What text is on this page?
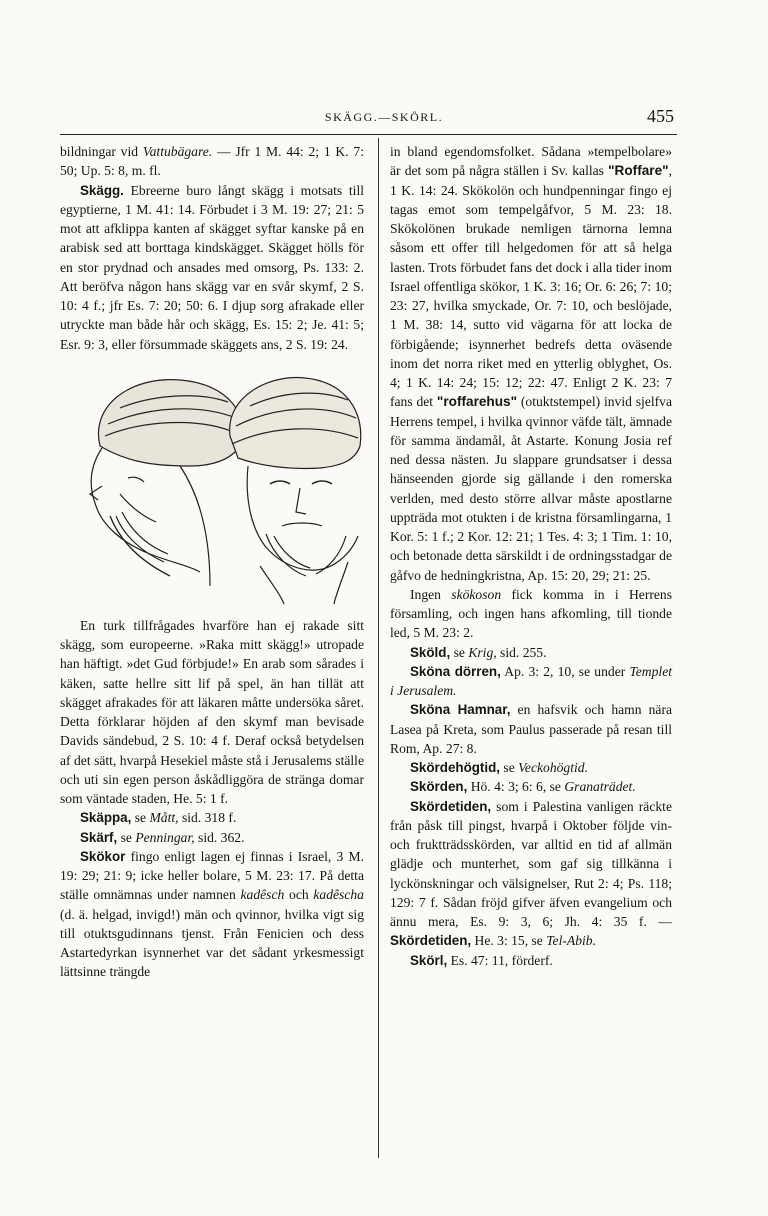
SKÄGG.—SKÖRL.	455

bildningar vid Vattubägare. — Jfr 1 M. 44: 2; 1 K. 7: 50; Up. 5: 8, m. fl.

Skägg. Ebreerne buro långt skägg i motsats till egyptierne, 1 M. 41: 14. Förbudet i 3 M. 19: 27; 21: 5 mot att afklippa kanten af skägget syftar kanske på en arabisk sed att borttaga kindskägget. Skägget hölls för en stor prydnad och ansades med omsorg, Ps. 133: 2. Att beröfva någon hans skägg var en svår skymf, 2 S. 10: 4 f.; jfr Es. 7: 20; 50: 6. I djup sorg afrakade eller utryckte man både hår och skägg, Es. 15: 2; Je. 41: 5; Esr. 9: 3, eller försummade skäggets ans, 2 S. 19: 24.

En turk tillfrågades hvarföre han ej rakade sitt skägg, som europeerne. »Raka mitt skägg!» utropade han häftigt. »det Gud förbjude!» En arab som sårades i käken, satte hellre sitt lif på spel, än han tillät att skägget afrakades för att läkaren måtte undersöka såret. Detta förklarar höjden af den skymf man bevisade Davids sändebud, 2 S. 10: 4 f. Deraf också betydelsen af det sätt, hvarpå Hesekiel måste stå i Jerusalems ställe och uti sin egen person åskådliggöra de stränga domar som väntade staden, He. 5: 1 f.

Skäppa, se Mått, sid. 318 f.

Skärf, se Penningar, sid. 362.

Skökor fingo enligt lagen ej finnas i Israel, 3 M. 19: 29; 21: 9; icke heller bolare, 5 M. 23: 17. På detta ställe omnämnas under namnen kadêsch och kadêscha (d. ä. helgad, invigd!) män och qvinnor, hvilka vigt sig till otuktsgudinnans tjenst. Från Fenicien och dess Astartedyrkan isynnerhet var det sådant yrkesmessigt lättsinne trängde

in bland egendomsfolket. Sådana »tempelbolare» är det som på några ställen i Sv. kallas "Roffare", 1 K. 14: 24. Skökolön och hundpenningar fingo ej tagas emot som tempelgåfvor, 5 M. 23: 18. Skökolönen brukade nemligen tärnorna lemna såsom ett offer till helgedomen för att så helga lasten. Trots förbudet fans det dock i alla tider inom Israel offentliga skökor, 1 K. 3: 16; Or. 6: 26; 7: 10; 23: 27, hvilka smyckade, Or. 7: 10, och beslöjade, 1 M. 38: 14, sutto vid vägarna för att locka de förbigående; isynnerhet bedrefs detta oväsende inom det norra riket med en ytterlig oblyghet, Os. 4; 1 K. 14: 24; 15: 12; 22: 47. Enligt 2 K. 23: 7 fans det "roffarehus" (otuktstempel) invid sjelfva Herrens tempel, i hvilka qvinnor väfde tält, ämnade för samma ändamål, åt Astarte. Konung Josia ref ned dessa nästen. Ju slappare grundsatser i dessa hänseenden gjorde sig gällande i den romerska verlden, med desto större allvar måste apostlarne uppträda mot otukten i de kristna församlingarna, 1 Kor. 5: 1 f.; 2 Kor. 12: 21; 1 Tes. 4: 3; 1 Tim. 1: 10, och betonade detta särskildt i de ordningsstadgar de gåfvo de hedningkristna, Ap. 15: 20, 29; 21: 25.

Ingen skökoson fick komma in i Herrens församling, och ingen hans afkomling, till tionde led, 5 M. 23: 2.

Sköld, se Krig, sid. 255.

Sköna dörren, Ap. 3: 2, 10, se under Templet i Jerusalem.

Sköna Hamnar, en hafsvik och hamn nära Lasea på Kreta, som Paulus passerade på resan till Rom, Ap. 27: 8.

Skördehögtid, se Veckohögtid.

Skörden, Hö. 4: 3; 6: 6, se Granaträdet.

Skördetiden, som i Palestina vanligen räckte från påsk till pingst, hvarpå i Oktober följde vin- och fruktträdsskörden, var alltid en tid af allmän glädje och munterhet, som gaf sig tillkänna i lyckönskningar och välsignelser, Rut 2: 4; Ps. 118; 129: 7 f. Sådan fröjd gifver äfven evangelium och ännu mera, Es. 9: 3, 6; Jh. 4: 35 f. — Skördetiden, He. 3: 15, se Tel-Abib.

Skörl, Es. 47: 11, förderf.
